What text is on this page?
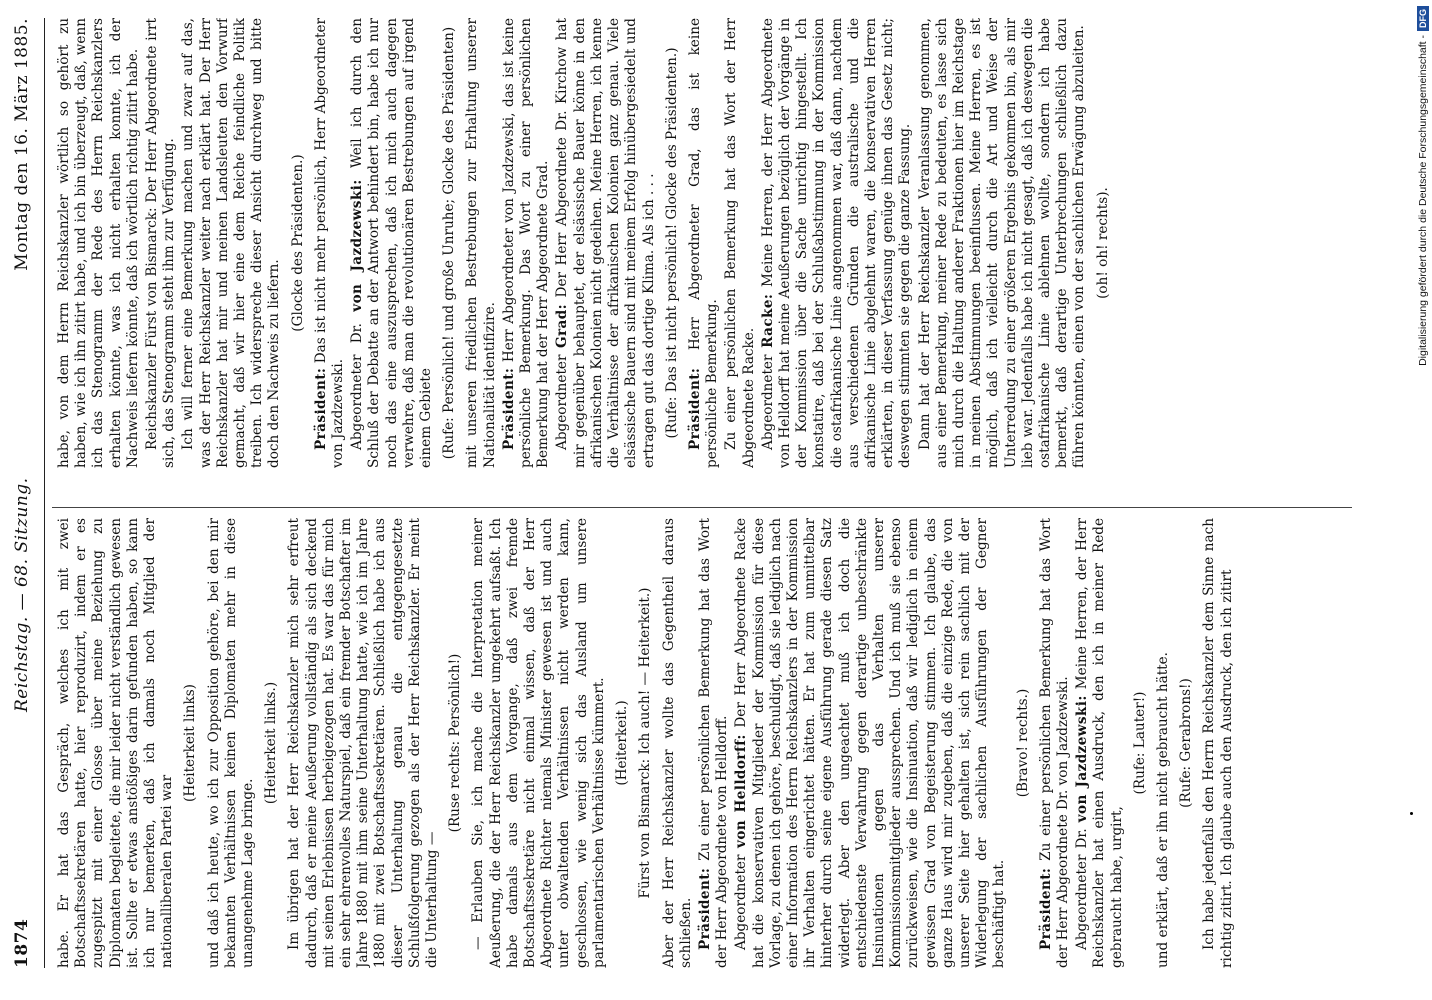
1874
Reichstag. — 68. Sitzung.
Montag den 16. März 1885.

habe. Er hat das Gespräch, welches ich mit zwei Botschaftssekretären hatte, hier reproduzirt, indem er es zugespitzt mit einer Glosse über meine Beziehung zu Diplomaten begleitete, die mir leider nicht verständlich gewesen ist. Sollte er etwas anstößiges darin gefunden haben, so kann ich nur bemerken, daß ich damals noch Mitglied der nationalliberalen Partei war

(Heiterkeit links) und daß ich heute, wo ich zur Opposition gehöre, bei den mir bekannten Verhältnissen keinen Diplomaten mehr in diese unangenehme Lage bringe.

(Heiterkeit links.) Im übrigen hat der Herr Reichskanzler mich sehr erfreut dadurch, daß er meine Aeußerung vollständig als sich deckend mit seinen Erlebnissen herbeigezogen hat. Es war das für mich ein sehr ehrenvolles Naturspiel, daß ein fremder Botschafter im Jahre 1880 mit ihm seine Unterhaltung hatte, wie ich im Jahre 1880 mit zwei Botschaftssekretären. Schließlich habe ich aus dieser Unterhaltung genau die entgegengesetzte Schlußfolgerung gezogen als der Herr Reichskanzler. Er meint die Unterhaltung —

(Ruse rechts: Persönlich!) — Erlauben Sie, ich mache die Interpretation meiner Aeußerung, die der Herr Reichskanzler umgekehrt aufsaßt. Ich habe damals aus dem Vorgange, daß zwei fremde Botschaftssekretäre nicht einmal wissen, daß der Herr Abgeordnete Richter niemals Minister gewesen ist und auch unter obwaltenden Verhältnissen nicht werden kann, geschlossen, wie wenig sich das Ausland um unsere parlamentarischen Verhältnisse kümmert. (Heiterkeit.) Fürst von Bismarck: Ich auch! — Heiterkeit.) Aber der Herr Reichskanzler wollte das Gegentheil daraus schließen. Präsident: Zu einer persönlichen Bemerkung hat das Wort der Herr Abgeordnete von Helldorff. Abgeordneter von Helldorff: Der Herr Abgeordnete Racke hat die konservativen Mitglieder der Kommission für diese Vorlage, zu denen ich gehöre, beschuldigt, daß sie lediglich nach einer Information des Herrn Reichskanzlers in der Kommission ihr Verhalten eingerichtet hätten. Er hat zum unmittelbar hinterher durch seine eigene Ausführung gerade diesen Satz widerlegt. Aber den ungeachtet muß ich doch die entschiedenste Verwahrung gegen derartige unbeschränkte Insinuationen gegen das Verhalten unserer Kommissionsmitglieder aussprechen. Und ich muß sie ebenso zurückweisen, wie die Insinuation, daß wir lediglich in einem gewissen Grad von Begeisterung stimmen. Ich glaube, das ganze Haus wird mir zugeben, daß die einzige Rede, die von unserer Seite hier gehalten ist, sich rein sachlich mit der Widerlegung der sachlichen Ausführungen der Gegner beschäftigt hat.

(Bravo! rechts.)

Präsident: Zu einer persönlichen Bemerkung hat das Wort der Herr Abgeordnete Dr. von Jazdzewski. Abgeordneter Dr. von Jazdzewski: Meine Herren, der Herr Reichskanzler hat einen Ausdruck, den ich in meiner Rede gebraucht habe, urgirt,

(Rufe: Lauter!) und erklärt, daß er ihn nicht gebraucht hätte. (Rufe: Gerabrons!) Ich habe jedenfalls den Herrn Reichskanzler dem Sinne nach richtig zitirt. Ich glaube auch den Ausdruck, den ich zitirt

habe, von dem Herrn Reichskanzler wörtlich so gehört zu haben, wie ich ihn zitirt habe, und ich bin überzeugt, daß, wenn ich das Stenogramm der Rede des Herrn Reichskanzlers erhalten könnte, was ich nicht erhalten konnte, ich der Nachweis liefern könnte, daß ich wörtlich richtig zitirt habe. Reichskanzler Fürst von Bismarck: Der Herr Abgeordnete irrt sich, das Stenogramm steht ihm zur Verfügung. Ich will ferner eine Bemerkung machen und zwar auf das, was der Herr Reichskanzler weiter nach erklärt hat. Der Herr Reichskanzler hat mir und meinen Landsleuten den Vorwurf gemacht, daß wir hier eine dem Reiche feindliche Politik treiben. Ich widerspreche dieser Ansicht durchweg und bitte doch den Nachweis zu liefern.

(Glocke des Präsidenten.)

Präsident: Das ist nicht mehr persönlich, Herr Abgeordneter von Jazdzewski. Abgeordneter Dr. von Jazdzewski: Weil ich durch den Schluß der Debatte an der Antwort behindert bin, habe ich nur noch das eine auszusprechen, daß ich mich auch dagegen verwehre, daß man die revolutionären Bestrebungen auf irgend einem Gebiete (Rufe: Persönlich! und große Unruhe; Glocke des Präsidenten) mit unseren friedlichen Bestrebungen zur Erhaltung unserer Nationalität identifizire. Präsident: Herr Abgeordneter von Jazdzewski, das ist keine persönliche Bemerkung. Das Wort zu einer persönlichen Bemerkung hat der Herr Abgeordnete Grad. Abgeordneter Grad: Der Herr Abgeordnete Dr. Kirchow hat mir gegenüber behauptet, der elsässische Bauer könne in den afrikanischen Kolonien nicht gedeihen. Meine Herren, ich kenne die Verhältnisse der afrikanischen Kolonien ganz genau. Viele elsässische Bauern sind mit meinem Erfolg hinübergesiedelt und ertragen gut das dortige Klima. Als ich . . . (Rufe: Das ist nicht persönlich! Glocke des Präsidenten.) Präsident: Herr Abgeordneter Grad, das ist keine persönliche Bemerkung. Zu einer persönlichen Bemerkung hat das Wort der Herr Abgeordnete Racke. Abgeordneter Racke: Meine Herren, der Herr Abgeordnete von Helldorff hat meine Aeußerungen bezüglich der Vorgänge in der Kommission über die Sache unrichtig hingestellt. Ich konstatire, daß bei der Schlußabstimmung in der Kommission die ostafrikanische Linie angenommen war, daß dann, nachdem aus verschiedenen Gründen die australische und die afrikanische Linie abgelehnt waren, die konservativen Herren erklärten, in dieser Verfassung genüge ihnen das Gesetz nicht; deswegen stimmten sie gegen die ganze Fassung. Dann hat der Herr Reichskanzler Veranlassung genommen, aus einer Bemerkung, meiner Rede zu bedeuten, es lasse sich mich durch die Haltung anderer Fraktionen hier im Reichstage in meinen Abstimmungen beeinflussen. Meine Herren, es ist möglich, daß ich vielleicht durch die Art und Weise der Unterredung zu einer größeren Ergebnis gekommen bin, als mir lieb war. Jedenfalls habe ich nicht gesagt, daß ich deswegen die ostafrikanische Linie ablehnen wollte, sondern ich habe bemerkt, daß derartige Unterbrechungen schließlich dazu führen könnten, einen von der sachlichen Erwägung abzuleiten. (oh! oh! rechts).	Digitalisierung gefördert durch die Deutsche Forschungsgemeinschaft -
DFG
